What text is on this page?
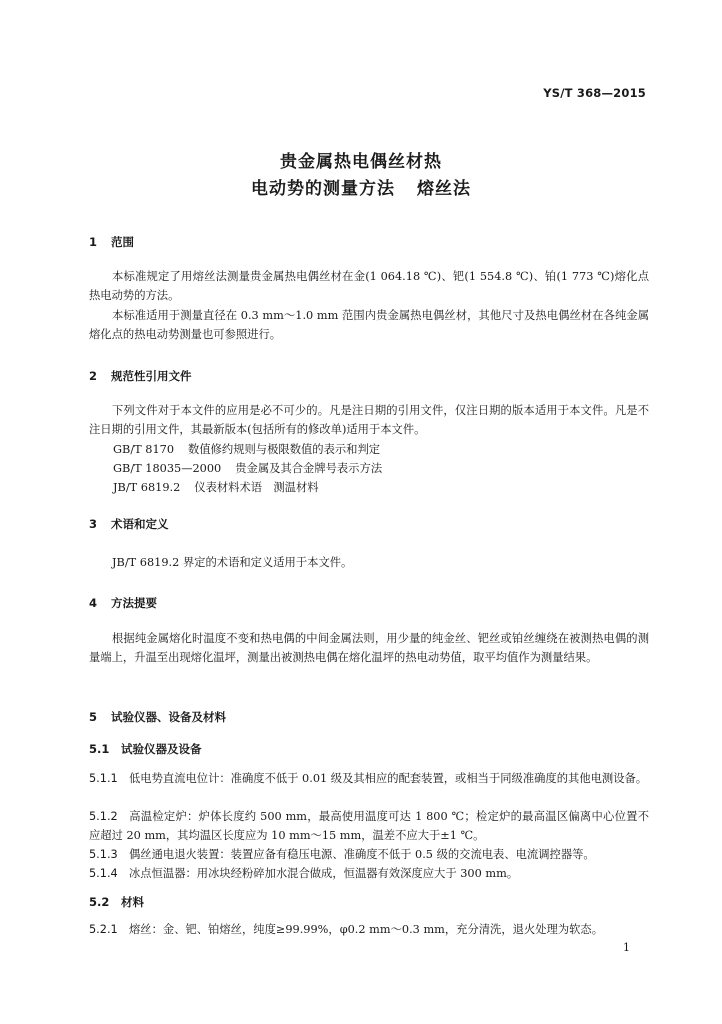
YS/T 368—2015
贵金属热电偶丝材热
电动势的测量方法 熔丝法
1 范围
本标准规定了用熔丝法测量贵金属热电偶丝材在金(1 064.18 ℃)、钯(1 554.8 ℃)、铂(1 773 ℃)熔化点热电动势的方法。
本标准适用于测量直径在 0.3 mm～1.0 mm 范围内贵金属热电偶丝材，其他尺寸及热电偶丝材在各纯金属熔化点的热电动势测量也可参照进行。
2 规范性引用文件
下列文件对于本文件的应用是必不可少的。凡是注日期的引用文件，仅注日期的版本适用于本文件。凡是不注日期的引用文件，其最新版本(包括所有的修改单)适用于本文件。
GB/T 8170 数值修约规则与极限数值的表示和判定
GB/T 18035—2000 贵金属及其合金牌号表示方法
JB/T 6819.2 仪表材料术语　测温材料
3 术语和定义
JB/T 6819.2 界定的术语和定义适用于本文件。
4 方法提要
根据纯金属熔化时温度不变和热电偶的中间金属法则，用少量的纯金丝、钯丝或铂丝缠绕在被测热电偶的测量端上，升温至出现熔化温坪，测量出被测热电偶在熔化温坪的热电动势值，取平均值作为测量结果。
5 试验仪器、设备及材料
5.1 试验仪器及设备
5.1.1 低电势直流电位计：准确度不低于 0.01 级及其相应的配套装置，或相当于同级准确度的其他电测设备。
5.1.2 高温检定炉：炉体长度约 500 mm，最高使用温度可达 1 800 ℃；检定炉的最高温区偏离中心位置不应超过 20 mm，其均温区长度应为 10 mm～15 mm，温差不应大于±1 ℃。
5.1.3 偶丝通电退火装置：装置应备有稳压电源、准确度不低于 0.5 级的交流电表、电流调控器等。
5.1.4 冰点恒温器：用冰块经粉碎加水混合做成，恒温器有效深度应大于 300 mm。
5.2 材料
5.2.1 熔丝：金、钯、铂熔丝，纯度≥99.99%，φ0.2 mm～0.3 mm，充分清洗，退火处理为软态。
1
